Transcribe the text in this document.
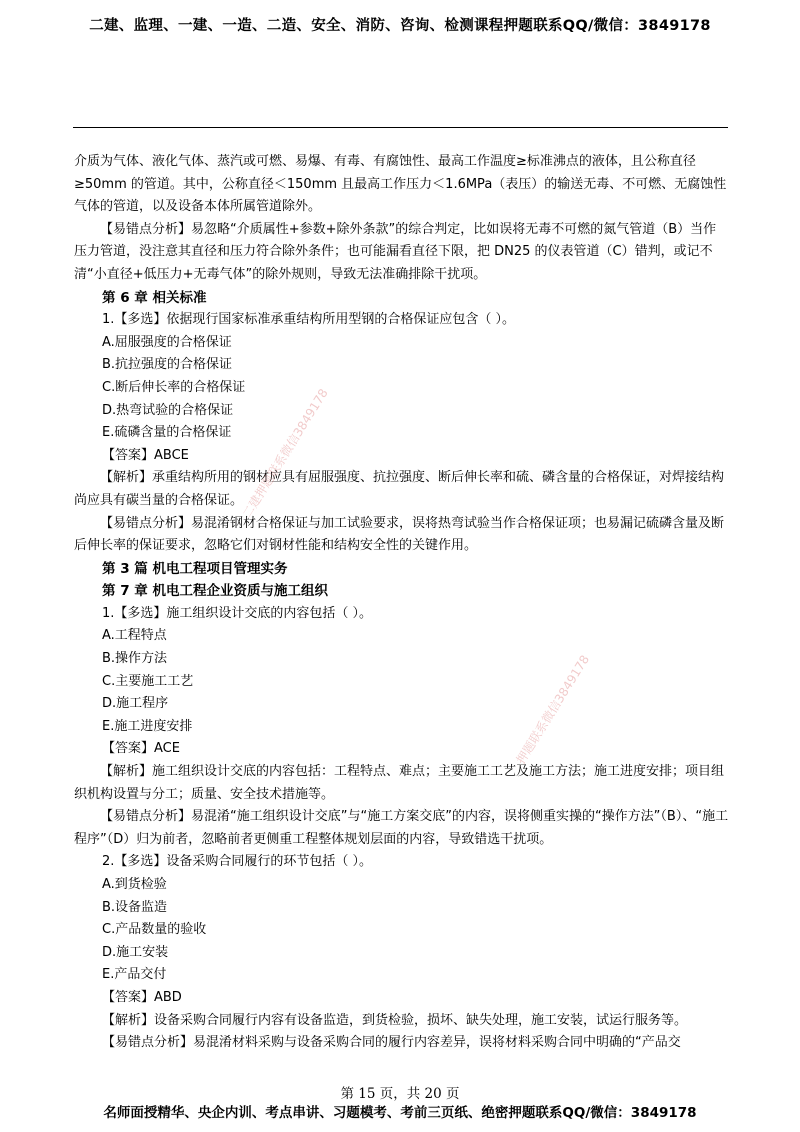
二建、监理、一建、一造、二造、安全、消防、咨询、检测课程押题联系QQ/微信：3849178

介质为气体、液化气体、蒸汽或可燃、易爆、有毒、有腐蚀性、最高工作温度≥标准沸点的液体，且公称直径≥50mm 的管道。其中，公称直径＜150mm 且最高工作压力＜1.6MPa（表压）的输送无毒、不可燃、无腐蚀性气体的管道，以及设备本体所属管道除外。

【易错点分析】易忽略“介质属性+参数+除外条款”的综合判定，比如误将无毒不可燃的氮气管道（B）当作压力管道，没注意其直径和压力符合除外条件；也可能漏看直径下限，把 DN25 的仪表管道（C）错判，或记不清“小直径+低压力+无毒气体”的除外规则，导致无法准确排除干扰项。

第 6 章 相关标准

1.【多选】依据现行国家标准承重结构所用型钢的合格保证应包含（ ）。

A.屈服强度的合格保证

B.抗拉强度的合格保证

C.断后伸长率的合格保证

D.热弯试验的合格保证

E.硫磷含量的合格保证

【答案】ABCE

【解析】承重结构所用的钢材应具有屈服强度、抗拉强度、断后伸长率和硫、磷含量的合格保证，对焊接结构尚应具有碳当量的合格保证。

【易错点分析】易混淆钢材合格保证与加工试验要求，误将热弯试验当作合格保证项；也易漏记硫磷含量及断后伸长率的保证要求，忽略它们对钢材性能和结构安全性的关键作用。

第 3 篇 机电工程项目管理实务

第 7 章 机电工程企业资质与施工组织

1.【多选】施工组织设计交底的内容包括（ ）。

A.工程特点

B.操作方法

C.主要施工工艺

D.施工程序

E.施工进度安排

【答案】ACE

【解析】施工组织设计交底的内容包括：工程特点、难点；主要施工工艺及施工方法；施工进度安排；项目组织机构设置与分工；质量、安全技术措施等。

【易错点分析】易混淆“施工组织设计交底”与“施工方案交底”的内容，误将侧重实操的“操作方法”（B）、“施工程序”（D）归为前者，忽略前者更侧重工程整体规划层面的内容，导致错选干扰项。

2.【多选】设备采购合同履行的环节包括（ ）。

A.到货检验

B.设备监造

C.产品数量的验收

D.施工安装

E.产品交付

【答案】ABD

【解析】设备采购合同履行内容有设备监造，到货检验，损坏、缺失处理，施工安装，试运行服务等。

【易错点分析】易混淆材料采购与设备采购合同的履行内容差异，误将材料采购合同中明确的“产品交

二建押题联系微信3849178
押题联系微信3849178
第 15 页，共 20 页
名师面授精华、央企内训、考点串讲、习题模考、考前三页纸、绝密押题联系QQ/微信：3849178
